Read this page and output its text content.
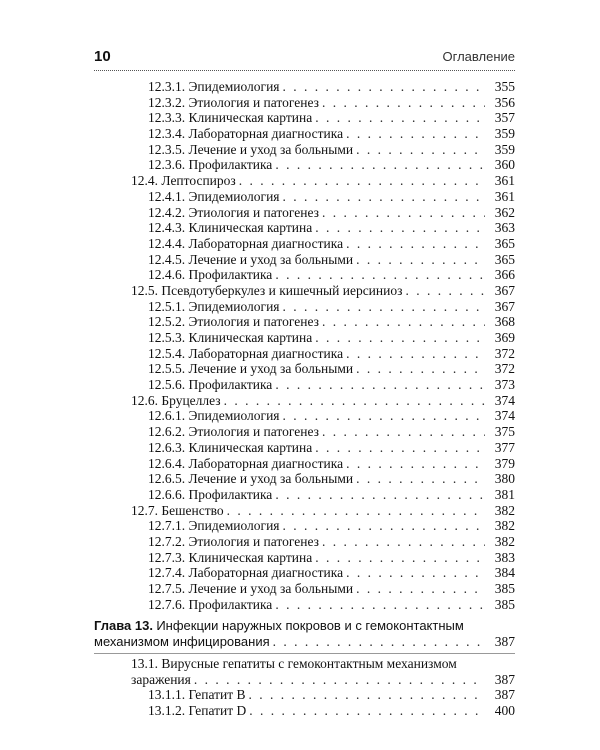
10	Оглавление
12.3.1. Эпидемиология . . .	355
12.3.2. Этиология и патогенез . . .	356
12.3.3. Клиническая картина . . .	357
12.3.4. Лабораторная диагностика . . .	359
12.3.5. Лечение и уход за больными . . .	359
12.3.6. Профилактика . . .	360
12.4. Лептоспироз . . .	361
12.4.1. Эпидемиология . . .	361
12.4.2. Этиология и патогенез . . .	362
12.4.3. Клиническая картина . . .	363
12.4.4. Лабораторная диагностика . . .	365
12.4.5. Лечение и уход за больными . . .	365
12.4.6. Профилактика . . .	366
12.5. Псевдотуберкулез и кишечный иерсиниоз . . .	367
12.5.1. Эпидемиология . . .	367
12.5.2. Этиология и патогенез . . .	368
12.5.3. Клиническая картина . . .	369
12.5.4. Лабораторная диагностика . . .	372
12.5.5. Лечение и уход за больными . . .	372
12.5.6. Профилактика . . .	373
12.6. Бруцеллез . . .	374
12.6.1. Эпидемиология . . .	374
12.6.2. Этиология и патогенез . . .	375
12.6.3. Клиническая картина . . .	377
12.6.4. Лабораторная диагностика . . .	379
12.6.5. Лечение и уход за больными . . .	380
12.6.6. Профилактика . . .	381
12.7. Бешенство . . .	382
12.7.1. Эпидемиология . . .	382
12.7.2. Этиология и патогенез . . .	382
12.7.3. Клиническая картина . . .	383
12.7.4. Лабораторная диагностика . . .	384
12.7.5. Лечение и уход за больными . . .	385
12.7.6. Профилактика . . .	385
Глава 13. Инфекции наружных покровов и с гемоконтактным
механизмом инфицирования . . .	387
13.1. Вирусные гепатиты с гемоконтактным механизмом
заражения . . .	387
13.1.1. Гепатит B . . .	387
13.1.2. Гепатит D . . .	400
